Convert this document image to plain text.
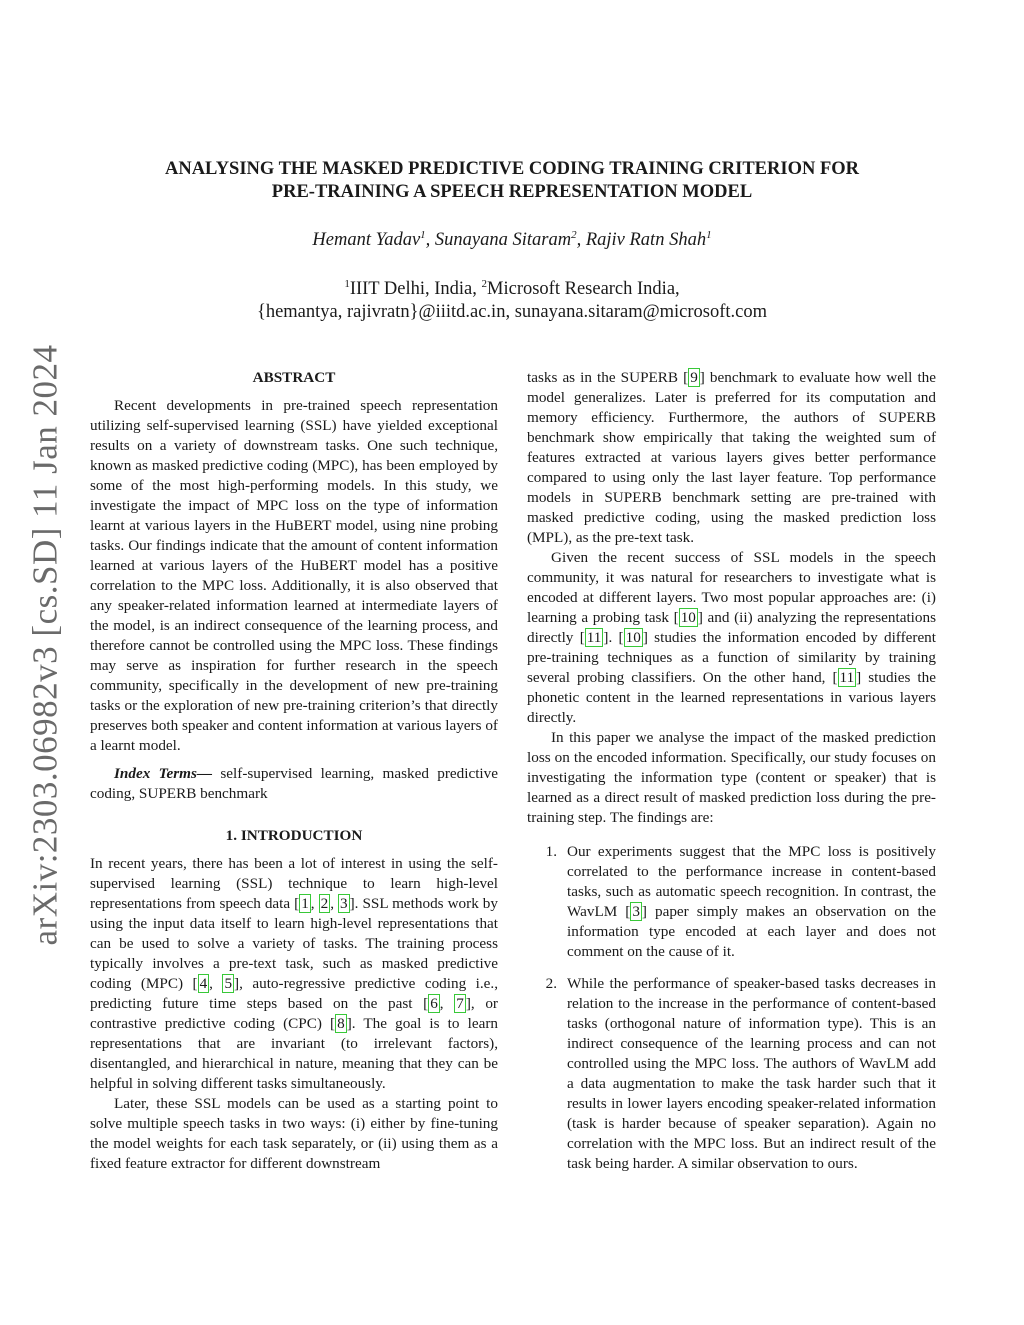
arXiv:2303.06982v3 [cs.SD] 11 Jan 2024
ANALYSING THE MASKED PREDICTIVE CODING TRAINING CRITERION FOR
PRE-TRAINING A SPEECH REPRESENTATION MODEL
Hemant Yadav$^1$, Sunayana Sitaram$^2$, Rajiv Ratn Shah$^1$
$^1$IIIT Delhi, India, $^2$Microsoft Research India,
{hemantya, rajivratn}@iiitd.ac.in, sunayana.sitaram@microsoft.com
ABSTRACT

Recent developments in pre-trained speech representation utilizing self-supervised learning (SSL) have yielded exceptional results on a variety of downstream tasks. One such technique, known as masked predictive coding (MPC), has been employed by some of the most high-performing models. In this study, we investigate the impact of MPC loss on the type of information learnt at various layers in the HuBERT model, using nine probing tasks. Our findings indicate that the amount of content information learned at various layers of the HuBERT model has a positive correlation to the MPC loss. Additionally, it is also observed that any speaker-related information learned at intermediate layers of the model, is an indirect consequence of the learning process, and therefore cannot be controlled using the MPC loss. These findings may serve as inspiration for further research in the speech community, specifically in the development of new pre-training tasks or the exploration of new pre-training criterion’s that directly preserves both speaker and content information at various layers of a learnt model.

Index Terms— self-supervised learning, masked predictive coding, SUPERB benchmark

1. INTRODUCTION

In recent years, there has been a lot of interest in using the self-supervised learning (SSL) technique to learn high-level representations from speech data [ 1 , 2 , 3 ]. SSL methods work by using the input data itself to learn high-level representations that can be used to solve a variety of tasks. The training process typically involves a pre-text task, such as masked predictive coding (MPC) [ 4 , 5 ], auto-regressive predictive coding i.e., predicting future time steps based on the past [ 6 , 7 ], or contrastive predictive coding (CPC) [ 8 ]. The goal is to learn representations that are invariant (to irrelevant factors), disentangled, and hierarchical in nature, meaning that they can be helpful in solving different tasks simultaneously.

Later, these SSL models can be used as a starting point to solve multiple speech tasks in two ways: (i) either by fine-tuning the model weights for each task separately, or (ii) using them as a fixed feature extractor for different downstream

tasks as in the SUPERB [ 9 ] benchmark to evaluate how well the model generalizes. Later is preferred for its computation and memory efficiency. Furthermore, the authors of SUPERB benchmark show empirically that taking the weighted sum of features extracted at various layers gives better performance compared to using only the last layer feature. Top performance models in SUPERB benchmark setting are pre-trained with masked predictive coding, using the masked prediction loss (MPL), as the pre-text task.

Given the recent success of SSL models in the speech community, it was natural for researchers to investigate what is encoded at different layers. Two most popular approaches are: (i) learning a probing task [ 10 ] and (ii) analyzing the representations directly [ 11 ]. [ 10 ] studies the information encoded by different pre-training techniques as a function of similarity by training several probing classifiers. On the other hand, [ 11 ] studies the phonetic content in the learned representations in various layers directly.

In this paper we analyse the impact of the masked prediction loss on the encoded information. Specifically, our study focuses on investigating the information type (content or speaker) that is learned as a direct result of masked prediction loss during the pre-training step. The findings are:

1. Our experiments suggest that the MPC loss is positively correlated to the performance increase in content-based tasks, such as automatic speech recognition. In contrast, the WavLM [ 3 ] paper simply makes an observation on the information type encoded at each layer and does not comment on the cause of it.
2. While the performance of speaker-based tasks decreases in relation to the increase in the performance of content-based tasks (orthogonal nature of information type). This is an indirect consequence of the learning process and can not controlled using the MPC loss. The authors of WavLM add a data augmentation to make the task harder such that it results in lower layers encoding speaker-related information (task is harder because of speaker separation). Again no correlation with the MPC loss. But an indirect result of the task being harder. A similar observation to ours.
